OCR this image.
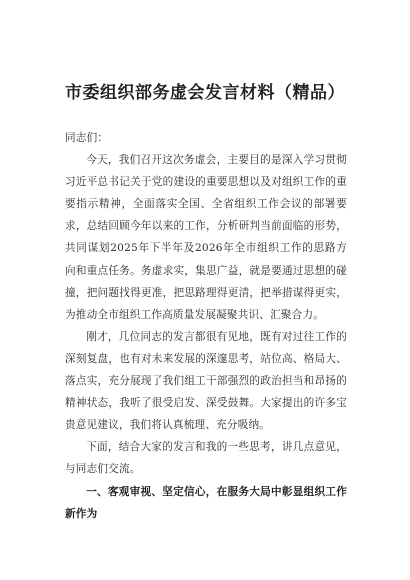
市委组织部务虚会发言材料（精品）

同志们：

今天，我们召开这次务虚会，主要目的是深入学习贯彻习近平总书记关于党的建设的重要思想以及对组织工作的重要指示精神，全面落实全国、全省组织工作会议的部署要求，总结回顾今年以来的工作，分析研判当前面临的形势，共同谋划2025年下半年及2026年全市组织工作的思路方向和重点任务。务虚求实，集思广益，就是要通过思想的碰撞，把问题找得更准，把思路理得更清，把举措谋得更实，为推动全市组织工作高质量发展凝聚共识、汇聚合力。

刚才，几位同志的发言都很有见地，既有对过往工作的深刻复盘，也有对未来发展的深邃思考，站位高、格局大、落点实，充分展现了我们组工干部强烈的政治担当和昂扬的精神状态，我听了很受启发、深受鼓舞。大家提出的许多宝贵意见建议，我们将认真梳理、充分吸纳。

下面，结合大家的发言和我的一些思考，讲几点意见，与同志们交流。

一、客观审视、坚定信心，在服务大局中彰显组织工作新作为
